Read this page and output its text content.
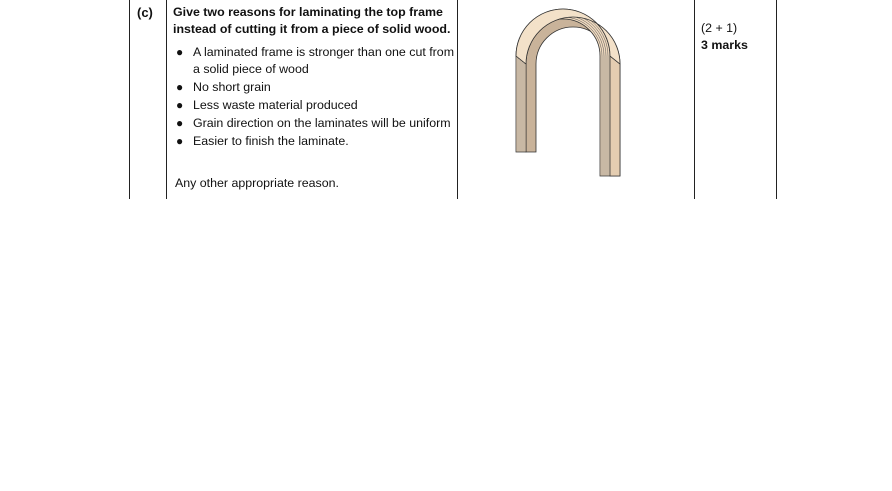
(c) Give two reasons for laminating the top frame instead of cutting it from a piece of solid wood.
● A laminated frame is stronger than one cut from a solid piece of wood
● No short grain
● Less waste material produced
● Grain direction on the laminates will be uniform
● Easier to finish the laminate.
Any other appropriate reason.
(2 + 1)
3 marks
